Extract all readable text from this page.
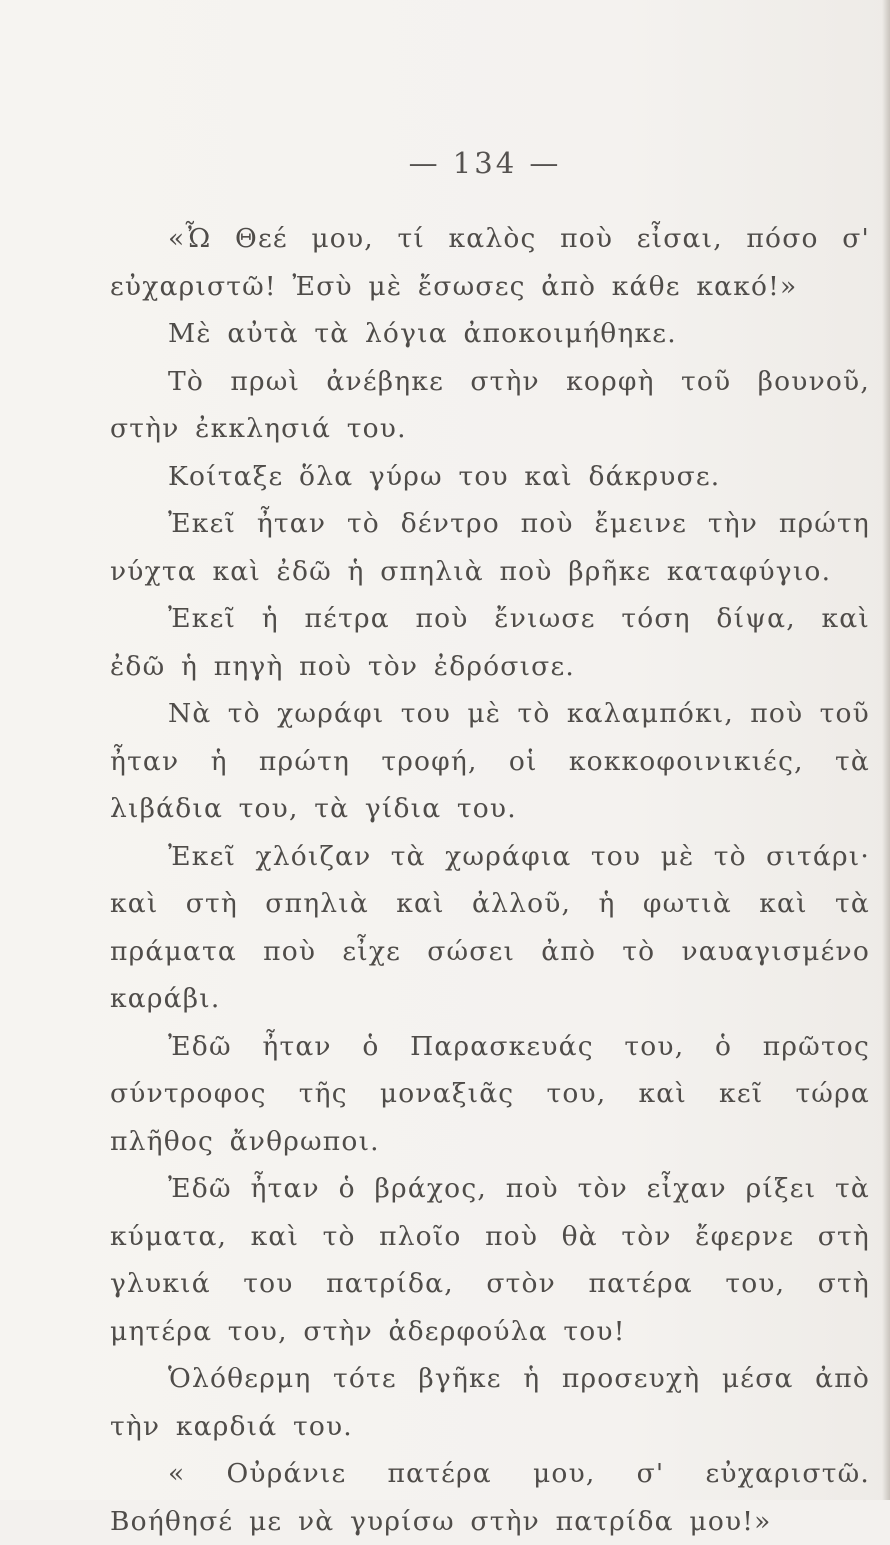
— 134 —

«Ὦ Θεέ μου, τί καλὸς ποὺ εἶσαι, πόσο σ' εὐχαριστῶ! Ἐσὺ μὲ ἔσωσες ἀπὸ κάθε κακό!»

Μὲ αὐτὰ τὰ λόγια ἀποκοιμήθηκε.

Τὸ πρωὶ ἀνέβηκε στὴν κορφὴ τοῦ βουνοῦ, στὴν ἐκκλησιά του.

Κοίταξε ὅλα γύρω του καὶ δάκρυσε.

Ἐκεῖ ἦταν τὸ δέντρο ποὺ ἔμεινε τὴν πρώτη νύχτα καὶ ἐδῶ ἡ σπηλιὰ ποὺ βρῆκε καταφύγιο.

Ἐκεῖ ἡ πέτρα ποὺ ἔνιωσε τόση δίψα, καὶ ἐδῶ ἡ πηγὴ ποὺ τὸν ἐδρόσισε.

Νὰ τὸ χωράφι του μὲ τὸ καλαμπόκι, ποὺ τοῦ ἦταν ἡ πρώτη τροφή, οἱ κοκκοφοινικιές, τὰ λιβάδια του, τὰ γίδια του.

Ἐκεῖ χλόιζαν τὰ χωράφια του μὲ τὸ σιτάρι· καὶ στὴ σπηλιὰ καὶ ἀλλοῦ, ἡ φωτιὰ καὶ τὰ πράματα ποὺ εἶχε σώσει ἀπὸ τὸ ναυαγισμένο καράβι.

Ἐδῶ ἦταν ὁ Παρασκευάς του, ὁ πρῶτος σύντροφος τῆς μοναξιᾶς του, καὶ κεῖ τώρα πλῆθος ἄνθρωποι.

Ἐδῶ ἦταν ὁ βράχος, ποὺ τὸν εἶχαν ρίξει τὰ κύματα, καὶ τὸ πλοῖο ποὺ θὰ τὸν ἔφερνε στὴ γλυκιά του πατρίδα, στὸν πατέρα του, στὴ μητέρα του, στὴν ἀδερφούλα του!

Ὁλόθερμη τότε βγῆκε ἡ προσευχὴ μέσα ἀπὸ τὴν καρδιά του.

« Οὐράνιε πατέρα μου, σ' εὐχαριστῶ. Βοήθησέ με νὰ γυρίσω στὴν πατρίδα μου!»
